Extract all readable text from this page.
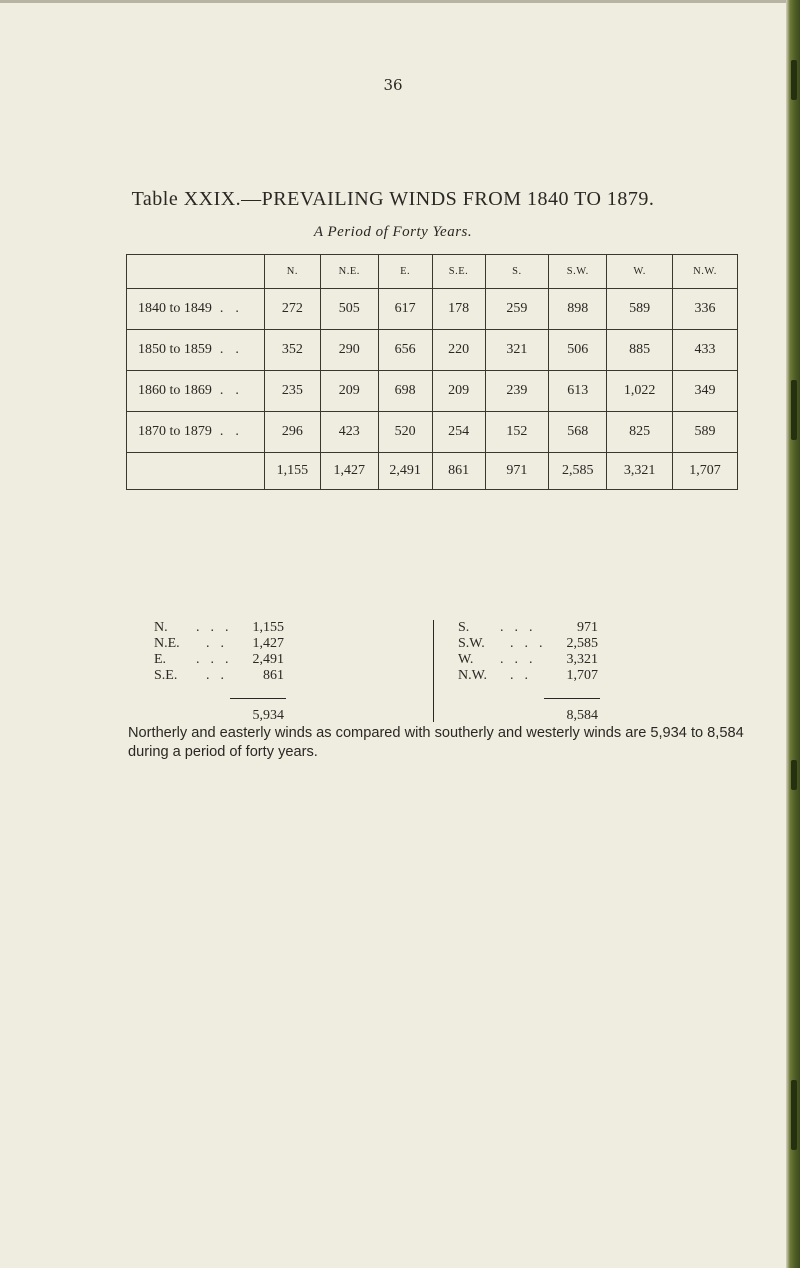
36
Table XXIX.—PREVAILING WINDS FROM 1840 TO 1879.
A Period of Forty Years.
	N.	N.E.	E.	S.E.	S.	S.W.	W.	N.W.
1840 to 1849 ..	272	505	617	178	259	898	589	336
1850 to 1859 ..	352	290	656	220	321	506	885	433
1860 to 1869 ..	235	209	698	209	239	613	1,022	349
1870 to 1879 ..	296	423	520	254	152	568	825	589
	1,155	1,427	2,491	861	971	2,585	3,321	1,707
N. ... 1,155
N.E. ..	1,427
E. ... 2,491
S.E. ..	861
5,934
S. ...	971
S.W. ... 2,585
W. ...	3,321
N.W. ..	1,707
8,584
Northerly and easterly winds as compared with southerly and westerly winds are 5,934 to 8,584 during a period of forty years.
